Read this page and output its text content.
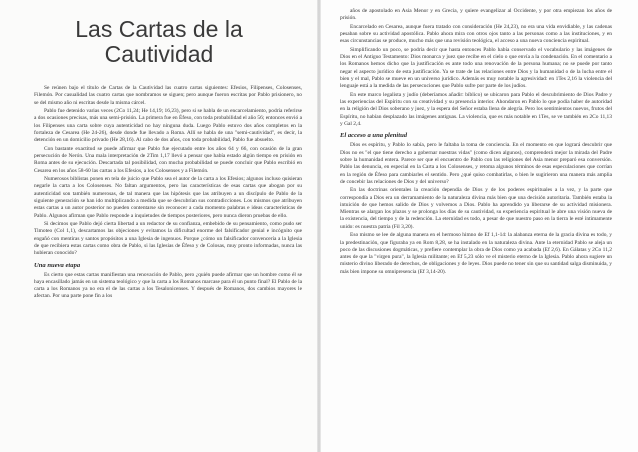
Las Cartas de la
Cautividad

Se reúnen bajo el título de Cartas de la Cautividad las cuatro cartas siguientes: Efesios, Filipenses, Colosenses, Filemón. Por casualidad las cuatro cartas que nombramos se siguen; pero aunque fueron escritas por Pablo prisionero, no se del mismo año ni escritas desde la misma cárcel.

Pablo fue detenido varias veces (2Co 11,24; He 14,19; 16,23), pero si se habla de un encarcelamiento, podría referirse a dos ocasiones precisas, más una semi-prisión. La primera fue en Éfeso, con toda probabilidad el año 56; entonces envió a los Filipenses una carta sobre cuya autenticidad no hay ninguna duda. Luego Pablo estuvo dos años completos en la fortaleza de Cesarea (He 24-26), desde donde fue llevado a Roma. Allí se habla de una "semi-cautividad", es decir, la detención en un domicilio privado (He 28,16). Al cabo de dos años, con toda probabilidad, Pablo fue absuelto.

Con bastante exactitud se puede afirmar que Pablo fue ejecutado entre los años 64 y 66, con ocasión de la gran persecución de Nerón. Una mala interpretación de 2Tim 1,17 llevó a pensar que había estado algún tiempo en prisión en Roma antes de su ejecución. Descartada tal posibilidad, con mucha probabilidad se puede concluir que Pablo escribió en Cesarea en los años 58-60 las cartas a los Efesios, a los Colosenses y a Filemón.

Numerosos biblistas ponen en tela de juicio que Pablo sea el autor de la carta a los Efesios; algunos incluso quisieran negarle la carta a los Colosenses. No faltan argumentos, pero las características de esas cartas que abogan por su autenticidad son también numerosas, de tal manera que las hipótesis que las atribuyen a un discípulo de Pablo de la siguiente generación se han ido multiplicando a medida que se descubrían sus contradicciones. Los mismos que atribuyen estas cartas a un autor posterior no pueden contentarse sin reconocer a cada momento palabras e ideas características de Pablo. Algunos afirman que Pablo responde a inquietudes de tiempos posteriores, pero nunca dieron pruebas de ello.

Si decimos que Pablo dejó cierta libertad a un redactor de su confianza, embebido de su pensamiento, como pudo ser Timoteo (Col 1,1), descartamos las objeciones y evitamos la dificultad enorme del falsificador genial e incógnito que engañó con mentiras y santos propósitos a una Iglesia de ingenuos. Porque ¿cómo un falsificador convencería a la Iglesia de que recibiera estas cartas como obra de Pablo, si las Iglesias de Éfeso y de Colosas, muy pronto informadas, nunca las hubieran conocido?

Una nueva etapa

Es cierto que estas cartas manifiestan una renovación de Pablo, pero ¿quién puede afirmar que un hombre como él se haya encasillado jamás en un sistema teológico y que la carta a los Romanos marcase para él un punto final? El Pablo de la carta a los Romanos ya no era el de las cartas a los Tesalonicenses. Y después de Romanos, dos cambios mayores le afectan. Por una parte pone fin a los

años de apostolado en Asia Menor y en Grecia, y quiere evangelizar al Occidente, y por otra empiezan los años de prisión.

Encarcelado en Cesarea, aunque fuera tratado con consideración (He 24,23), no era una vida envidiable, y las cadenas pesaban sobre su actividad apostólica. Pablo ahora mira con otros ojos tanto a las personas como a las instituciones, y en esas circunstancias se produce, mucho más que una revisión teológica, el acceso a una nueva conciencia espiritual.

Simplificando un poco, se podría decir que hasta entonces Pablo había conservado el vocabulario y las imágenes de Dios en el Antiguo Testamento: Dios monarca y juez que recibe en el cielo o que envía a la condenación. En el comentario a los Romanos hemos dicho que la justificación es ante todo una renovación de la persona humana; no se puede por tanto negar el aspecto jurídico de esta justificación. Ya se trate de las relaciones entre Dios y la humanidad o de la lucha entre el bien y el mal, Pablo se mueve en un universo jurídico. Además es muy notable la agresividad: en 1Tes 2,16 la violencia del lenguaje está a la medida de las persecuciones que Pablo sufre por parte de los judíos.

En este marco legalista y judío (deberíamos añadir: bíblico) se ubicaron para Pablo el descubrimiento de Dios Padre y las experiencias del Espíritu con su creatividad y su presencia interior. Ahondaron en Pablo lo que podía haber de autoridad en la religión del Dios soberano y juez, y la espera del Señor estaba llena de alegría. Pero los sentimientos nuevos, frutos del Espíritu, no habían desplazado las imágenes antiguas. La violencia, que es más notable en 1Tes, se ve también en 2Co 11,13 y Gal 2,4.

El acceso a una plenitud

Dios es espíritu, y Pablo lo sabía, pero le faltaba la toma de conciencia. En el momento en que logrará descubrir que Dios no es "el que tiene derecho a gobernar nuestras vidas" (como dicen algunos), comprenderá mejor la mirada del Padre sobre la humanidad entera. Parece ser que el encuentro de Pablo con las religiones del Asia menor preparó esa conversión. Pablo las denuncia, en especial en la Carta a los Colosenses, y retoma algunos términos de esas especulaciones que corrían en la región de Éfeso para cambiarles el sentido. Pero ¿qué quiso combatirlas, o bien le sugirieron una manera más amplia de concebir las relaciones de Dios y del universo?

En las doctrinas orientales la creación dependía de Dios y de los poderes espirituales a la vez, y la parte que correspondía a Dios era un derramamiento de la naturaleza divina más bien que una decisión autoritaria. También estaba la intuición de que hemos salido de Dios y volvemos a Dios. Pablo ha aprendido ya liberarse de su actividad misionera. Mientras se alargan los plazos y se prolonga los días de su cautividad, su experiencia espiritual le abre una visión nueva de la existencia, del tiempo y de la redención. La eternidad es todo, a pesar de que nuestro paso en la tierra le esté íntimamente unido: es nuestra patria (Fil 3,20).

Eso mismo se lee de alguna manera en el hermoso himno de Ef 1,1-14: la alabanza eterna de la gracia divina es todo, y la predestinación, que figuraba ya en Rom 8,28, se ha instalado en la naturaleza divina. Ante la eternidad Pablo se aleja un poco de las discusiones dogmáticas, y prefiere contemplar la obra de Dios como ya acabada (Ef 2,6). En Gálatas y 2Co 11,2 antes de que la "virgen pura", la Iglesia militante; en Ef 5,23 sólo ve el misterio eterno de la Iglesia. Pablo ahora sugiere un misterio divino liberado de derechos, de obligaciones y de leyes. Dios puede no tener sin que su santidad salga disminuida, y más bien impone su omnipresencia (Ef 3,14-20).
